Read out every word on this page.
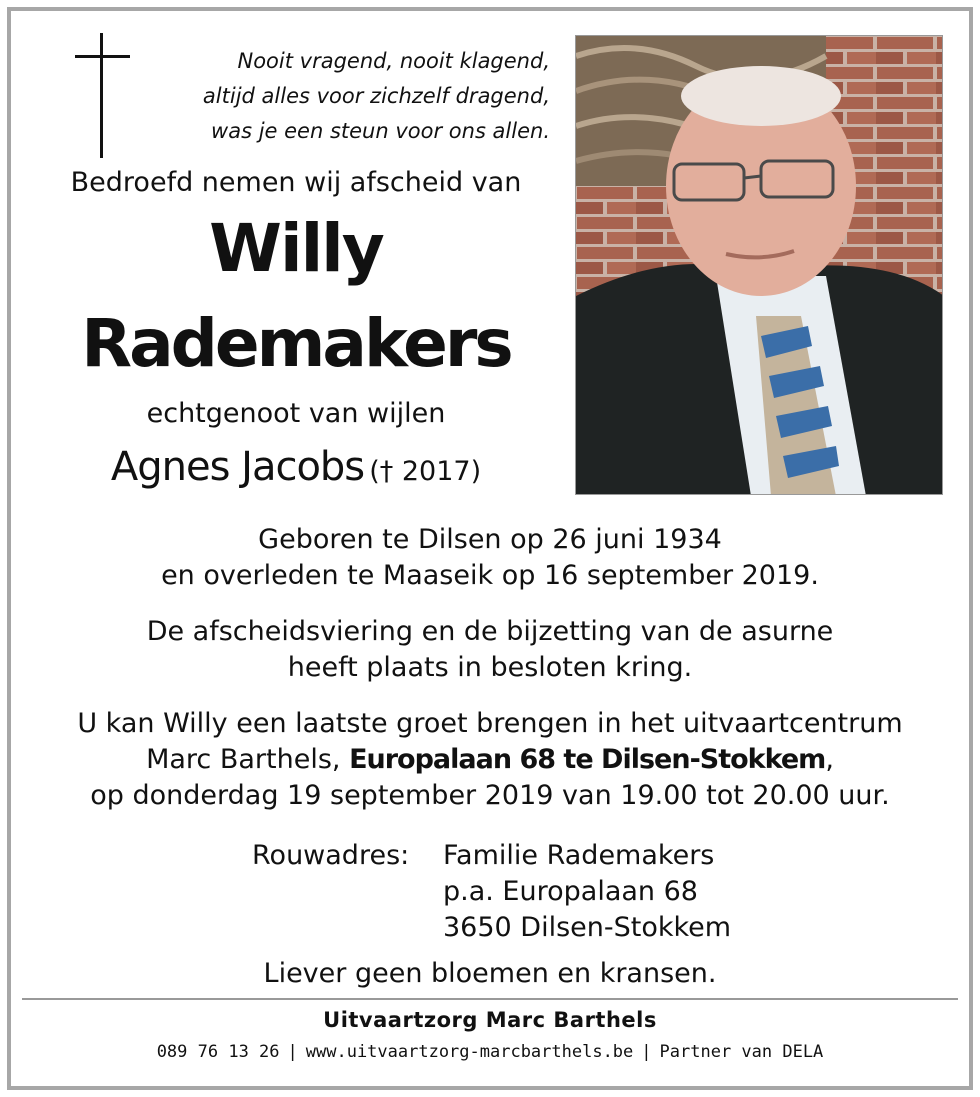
Nooit vragend, nooit klagend,
altijd alles voor zichzelf dragend,
was je een steun voor ons allen.
Bedroefd nemen wij afscheid van
Willy
Rademakers
echtgenoot van wijlen
Agnes Jacobs († 2017)
Geboren te Dilsen op 26 juni 1934
en overleden te Maaseik op 16 september 2019.
De afscheidsviering en de bijzetting van de asurne
heeft plaats in besloten kring.
U kan Willy een laatste groet brengen in het uitvaartcentrum
Marc Barthels, Europalaan 68 te Dilsen-Stokkem,
op donderdag 19 september 2019 van 19.00 tot 20.00 uur.
Rouwadres: Familie Rademakers
p.a. Europalaan 68
3650 Dilsen-Stokkem
Liever geen bloemen en kransen.
Uitvaartzorg Marc Barthels
089 76 13 26 | www.uitvaartzorg-marcbarthels.be | Partner van DELA
